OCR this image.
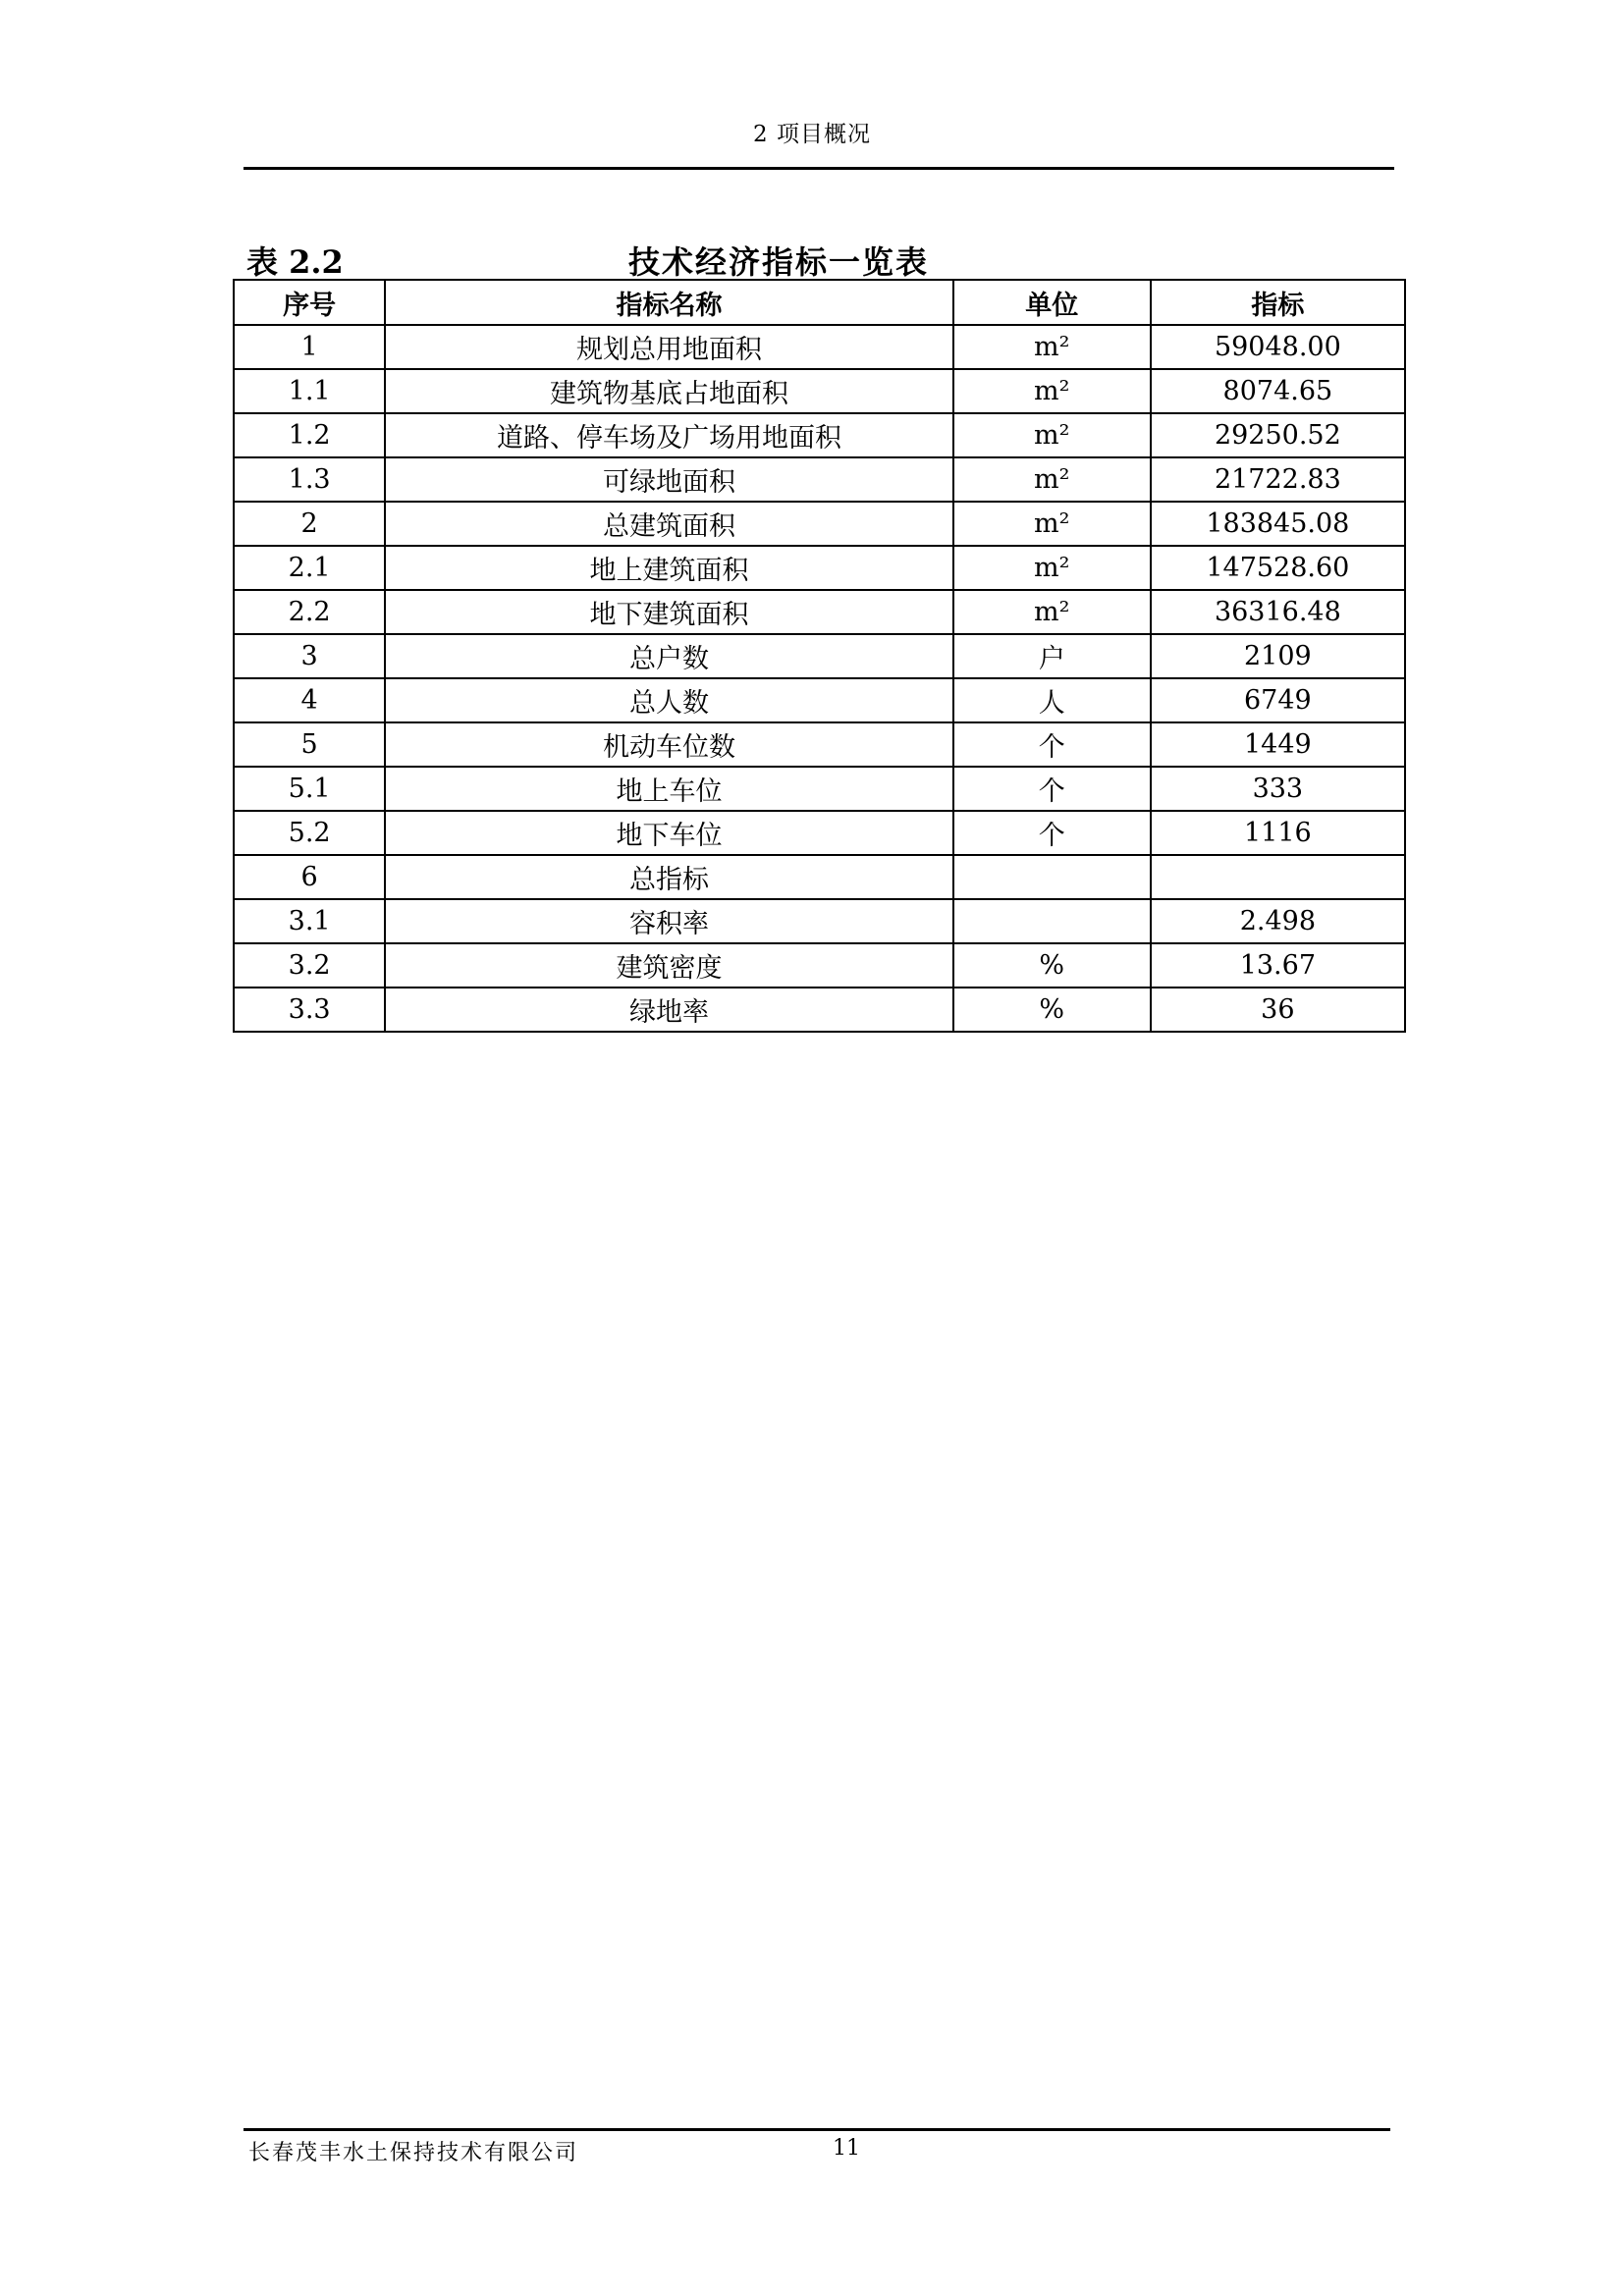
2 项目概况
表 2.2	技术经济指标一览表
序号	指标名称	单位	指标
1	规划总用地面积	m²	59048.00
1.1	建筑物基底占地面积	m²	8074.65
1.2	道路、停车场及广场用地面积	m²	29250.52
1.3	可绿地面积	m²	21722.83
2	总建筑面积	m²	183845.08
2.1	地上建筑面积	m²	147528.60
2.2	地下建筑面积	m²	36316.48
3	总户数	户	2109
4	总人数	人	6749
5	机动车位数	个	1449
5.1	地上车位	个	333
5.2	地下车位	个	1116
6	总指标		
3.1	容积率		2.498
3.2	建筑密度	%	13.67
3.3	绿地率	%	36
长春茂丰水土保持技术有限公司	11
